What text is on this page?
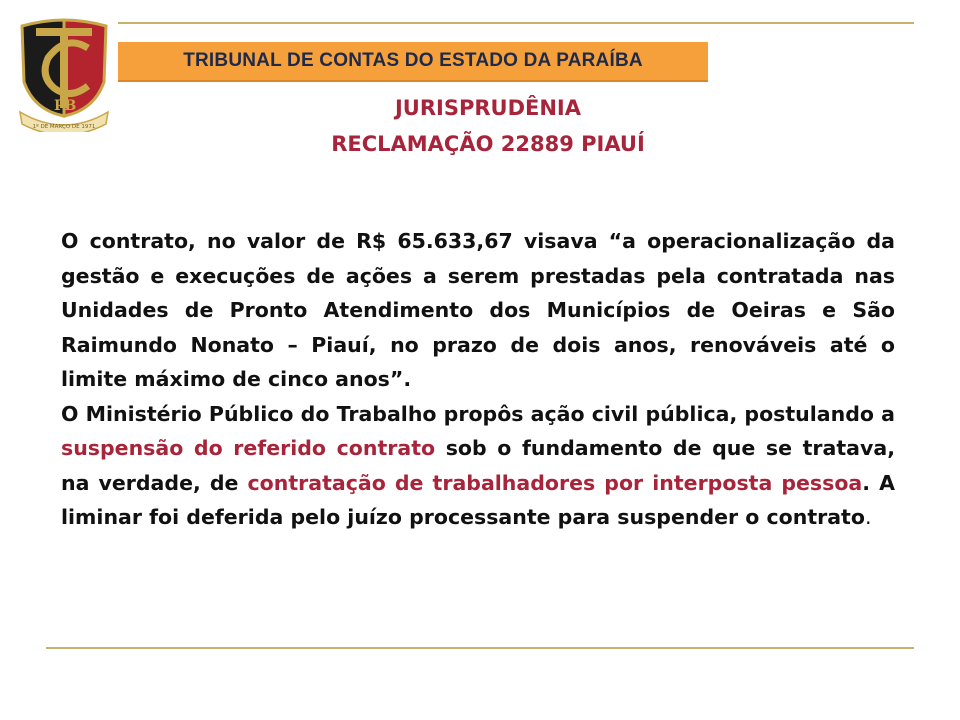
PB
1º DE MARÇO DE 1971
TRIBUNAL DE CONTAS DO ESTADO DA PARAÍBA
JURISPRUDÊNIA
RECLAMAÇÃO 22889 PIAUÍ

O contrato, no valor de R$ 65.633,67 visava “a operacionalização da gestão e execuções de ações a serem prestadas pela contratada nas Unidades de Pronto Atendimento dos Municípios de Oeiras e São Raimundo Nonato – Piauí, no prazo de dois anos, renováveis até o limite máximo de cinco anos”.

O Ministério Público do Trabalho propôs ação civil pública, postulando a suspensão do referido contrato sob o fundamento de que se tratava, na verdade, de contratação de trabalhadores por interposta pessoa. A liminar foi deferida pelo juízo processante para suspender o contrato.
